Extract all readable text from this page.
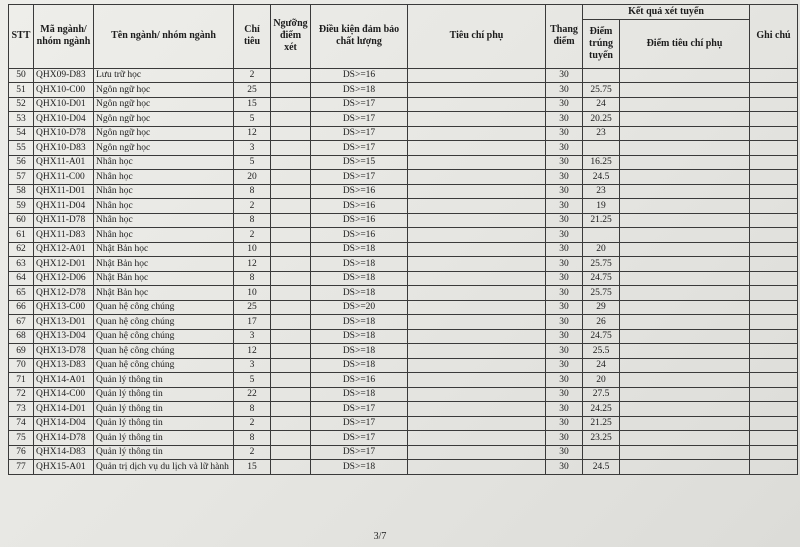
STT	Mã ngành/ nhóm ngành	Tên ngành/ nhóm ngành	Chỉ tiêu	Ngưỡng điểm xét	Điều kiện đảm bảo chất lượng	Tiêu chí phụ	Thang điểm	Kết quả xét tuyển		Ghi chú
								Điểm trúng tuyển	Điểm tiêu chí phụ	
50	QHX09-D83	Lưu trữ học	2		DS>=16		30			
51	QHX10-C00	Ngôn ngữ học	25		DS>=18		30	25.75		
52	QHX10-D01	Ngôn ngữ học	15		DS>=17		30	24		
53	QHX10-D04	Ngôn ngữ học	5		DS>=17		30	20.25		
54	QHX10-D78	Ngôn ngữ học	12		DS>=17		30	23		
55	QHX10-D83	Ngôn ngữ học	3		DS>=17		30			
56	QHX11-A01	Nhân học	5		DS>=15		30	16.25		
57	QHX11-C00	Nhân học	20		DS>=17		30	24.5		
58	QHX11-D01	Nhân học	8		DS>=16		30	23		
59	QHX11-D04	Nhân học	2		DS>=16		30	19		
60	QHX11-D78	Nhân học	8		DS>=16		30	21.25		
61	QHX11-D83	Nhân học	2		DS>=16		30			
62	QHX12-A01	Nhật Bản học	10		DS>=18		30	20		
63	QHX12-D01	Nhật Bản học	12		DS>=18		30	25.75		
64	QHX12-D06	Nhật Bản học	8		DS>=18		30	24.75		
65	QHX12-D78	Nhật Bản học	10		DS>=18		30	25.75		
66	QHX13-C00	Quan hệ công chúng	25		DS>=20		30	29		
67	QHX13-D01	Quan hệ công chúng	17		DS>=18		30	26		
68	QHX13-D04	Quan hệ công chúng	3		DS>=18		30	24.75		
69	QHX13-D78	Quan hệ công chúng	12		DS>=18		30	25.5		
70	QHX13-D83	Quan hệ công chúng	3		DS>=18		30	24		
71	QHX14-A01	Quản lý thông tin	5		DS>=16		30	20		
72	QHX14-C00	Quản lý thông tin	22		DS>=18		30	27.5		
73	QHX14-D01	Quản lý thông tin	8		DS>=17		30	24.25		
74	QHX14-D04	Quản lý thông tin	2		DS>=17		30	21.25		
75	QHX14-D78	Quản lý thông tin	8		DS>=17		30	23.25		
76	QHX14-D83	Quản lý thông tin	2		DS>=17		30			
77	QHX15-A01	Quản trị dịch vụ du lịch và lữ hành	15		DS>=18		30	24.5		
3/7
